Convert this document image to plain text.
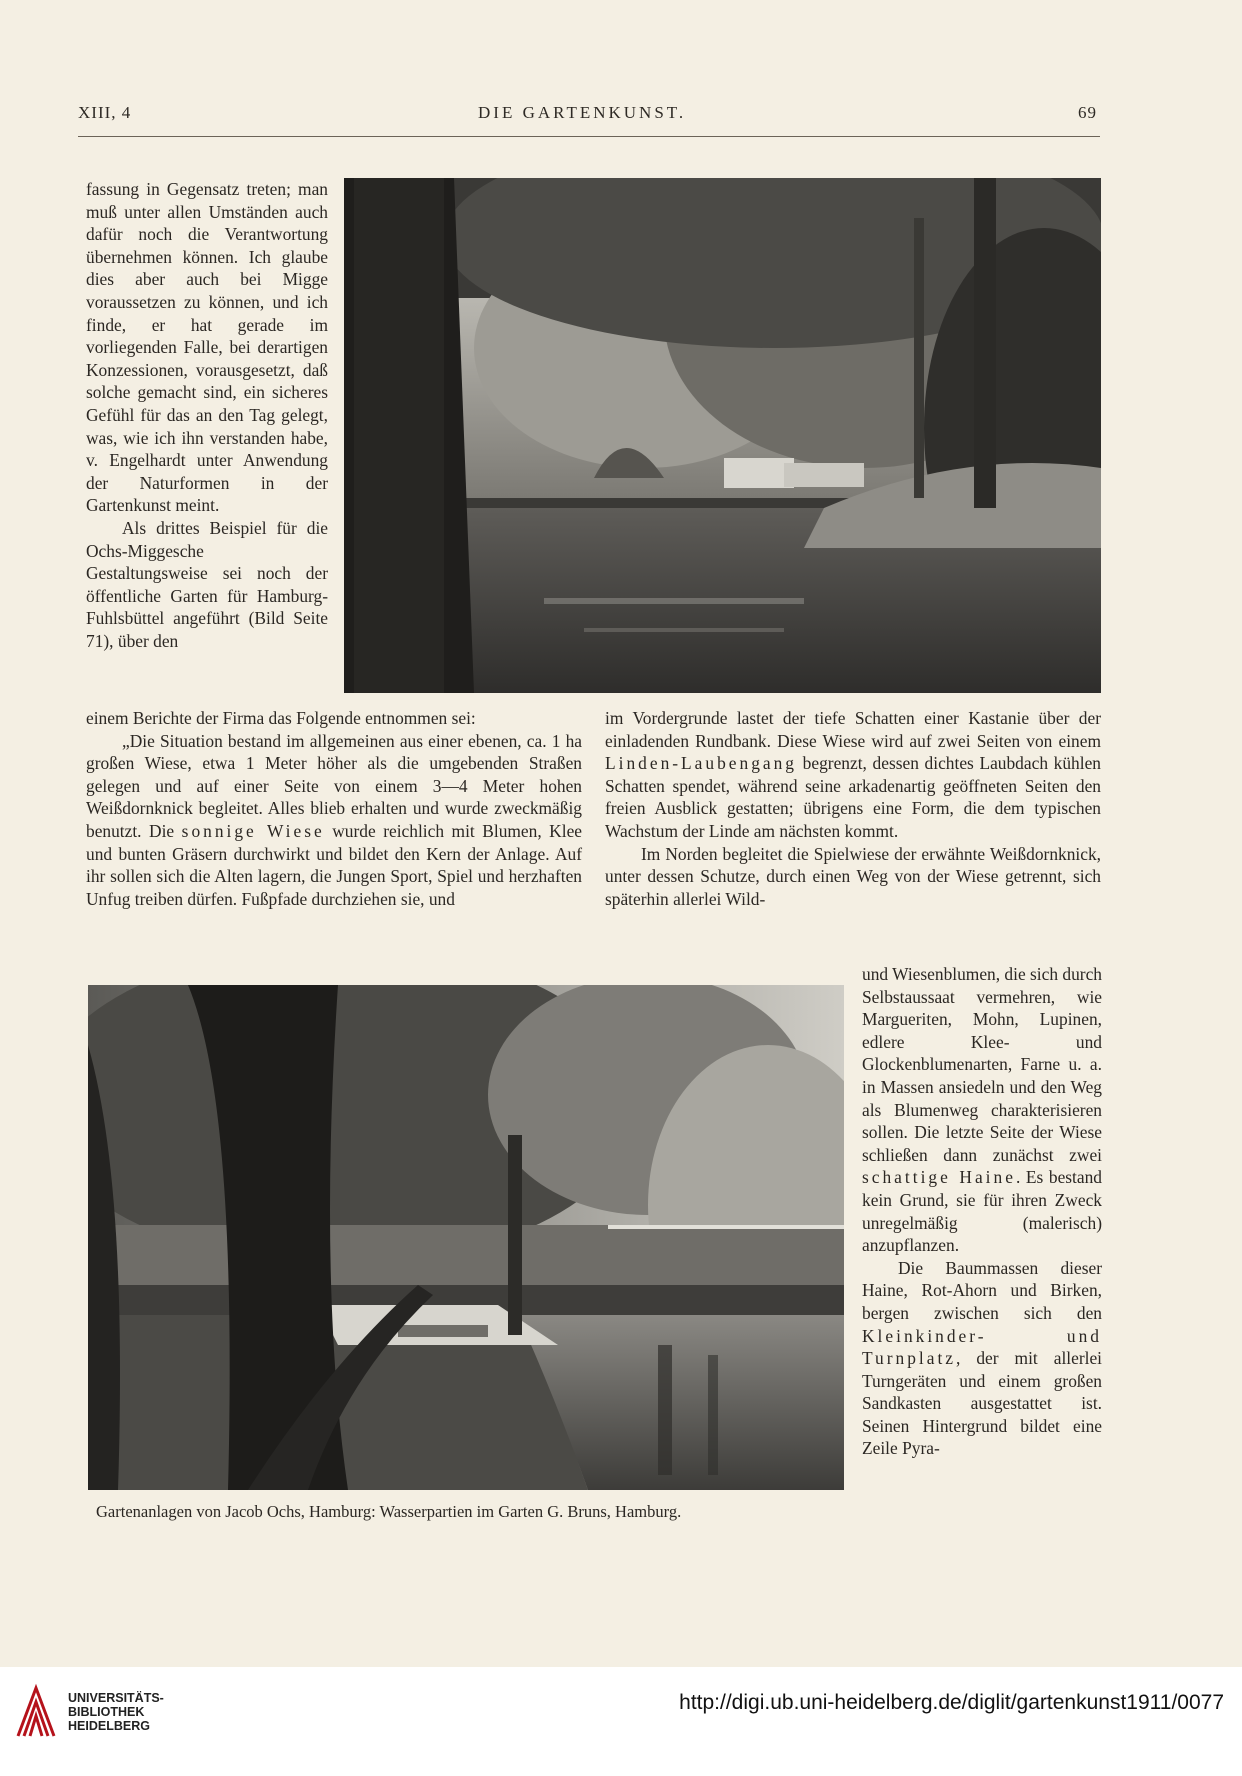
XIII, 4	DIE GARTENKUNST.	69

fassung in Gegensatz treten; man muß unter allen Umständen auch dafür noch die Verantwortung übernehmen können. Ich glaube dies aber auch bei Migge voraussetzen zu können, und ich finde, er hat gerade im vorliegenden Falle, bei derartigen Konzessionen, vorausgesetzt, daß solche gemacht sind, ein sicheres Gefühl für das an den Tag gelegt, was, wie ich ihn verstanden habe, v. Engelhardt unter Anwendung der Naturformen in der Gartenkunst meint.

Als drittes Beispiel für die Ochs-Miggesche Gestaltungsweise sei noch der öffentliche Garten für Hamburg-Fuhlsbüttel angeführt (Bild Seite 71), über den

einem Berichte der Firma das Folgende entnommen sei:

„Die Situation bestand im allgemeinen aus einer ebenen, ca. 1 ha großen Wiese, etwa 1 Meter höher als die umgebenden Straßen gelegen und auf einer Seite von einem 3—4 Meter hohen Weißdornknick begleitet. Alles blieb erhalten und wurde zweckmäßig benutzt. Die sonnige Wiese wurde reichlich mit Blumen, Klee und bunten Gräsern durchwirkt und bildet den Kern der Anlage. Auf ihr sollen sich die Alten lagern, die Jungen Sport, Spiel und herzhaften Unfug treiben dürfen. Fußpfade durchziehen sie, und

im Vordergrunde lastet der tiefe Schatten einer Kastanie über der einladenden Rundbank. Diese Wiese wird auf zwei Seiten von einem Linden-Laubengang begrenzt, dessen dichtes Laubdach kühlen Schatten spendet, während seine arkadenartig geöffneten Seiten den freien Ausblick gestatten; übrigens eine Form, die dem typischen Wachstum der Linde am nächsten kommt.

Im Norden begleitet die Spielwiese der erwähnte Weißdornknick, unter dessen Schutze, durch einen Weg von der Wiese getrennt, sich späterhin allerlei Wild-

Gartenanlagen von Jacob Ochs, Hamburg: Wasserpartien im Garten G. Bruns, Hamburg.

und Wiesenblumen, die sich durch Selbstaussaat vermehren, wie Margueriten, Mohn, Lupinen, edlere Klee- und Glockenblumenarten, Farne u. a. in Massen ansiedeln und den Weg als Blumenweg charakterisieren sollen. Die letzte Seite der Wiese schließen dann zunächst zwei schattige Haine. Es bestand kein Grund, sie für ihren Zweck unregelmäßig (malerisch) anzupflanzen.

Die Baummassen dieser Haine, Rot-Ahorn und Birken, bergen zwischen sich den Kleinkinder- und Turnplatz, der mit allerlei Turngeräten und einem großen Sandkasten ausgestattet ist. Seinen Hintergrund bildet eine Zeile Pyra-

UNIVERSITÄTS-
BIBLIOTHEK
HEIDELBERG
http://digi.ub.uni-heidelberg.de/diglit/gartenkunst1911/0077
